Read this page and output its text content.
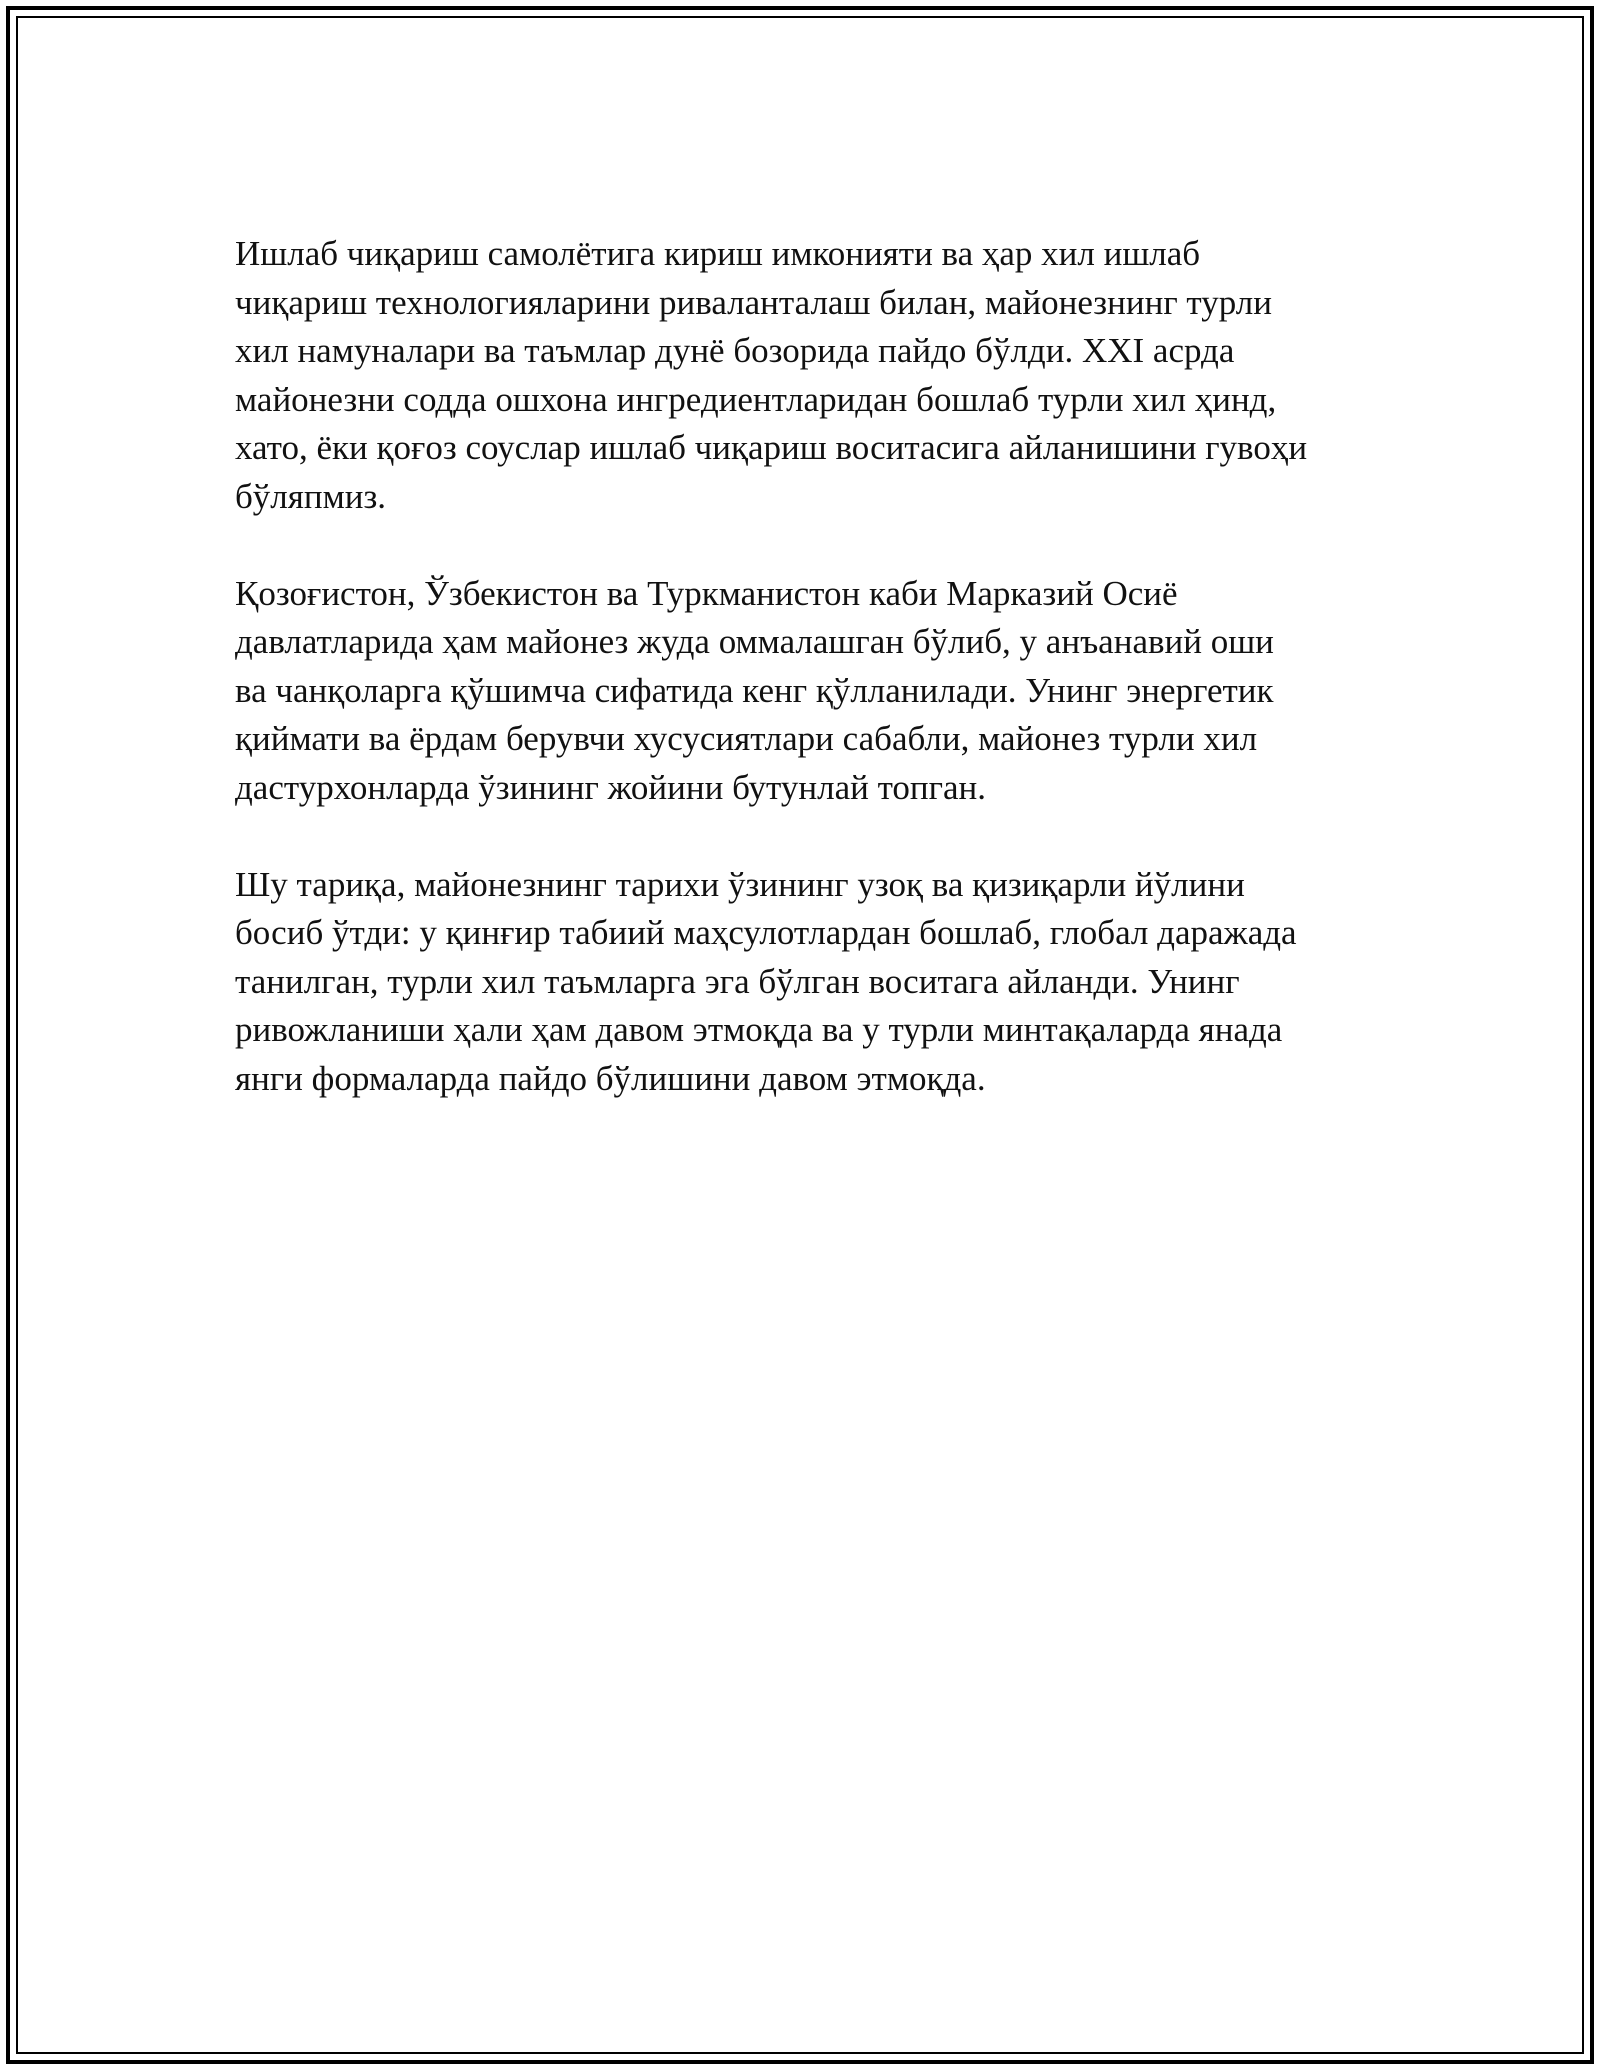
Ишлаб чиқариш самолётига кириш имконияти ва ҳар хил ишлаб
чиқариш технологияларини риваланталаш билан, майонезнинг турли
хил намуналари ва таъмлар дунё бозорида пайдо бўлди. XXI асрда
майонезни содда ошхона ингредиентларидан бошлаб турли хил ҳинд,
хато, ёки қоғоз соуслар ишлаб чиқариш воситасига айланишини гувоҳи
бўляпмиз.

Қозоғистон, Ўзбекистон ва Туркманистон каби Марказий Осиё
давлатларида ҳам майонез жуда оммалашган бўлиб, у анъанавий оши
ва чанқоларга қўшимча сифатида кенг қўлланилади. Унинг энергетик
қиймати ва ёрдам берувчи хусусиятлари сабабли, майонез турли хил
дастурхонларда ўзининг жойини бутунлай топган.

Шу тариқа, майонезнинг тарихи ўзининг узоқ ва қизиқарли йўлини
босиб ўтди: у қинғир табиий маҳсулотлардан бошлаб, глобал даражада
танилган, турли хил таъмларга эга бўлган воситага айланди. Унинг
ривожланиши ҳали ҳам давом этмоқда ва у турли минтақаларда янада
янги формаларда пайдо бўлишини давом этмоқда.
